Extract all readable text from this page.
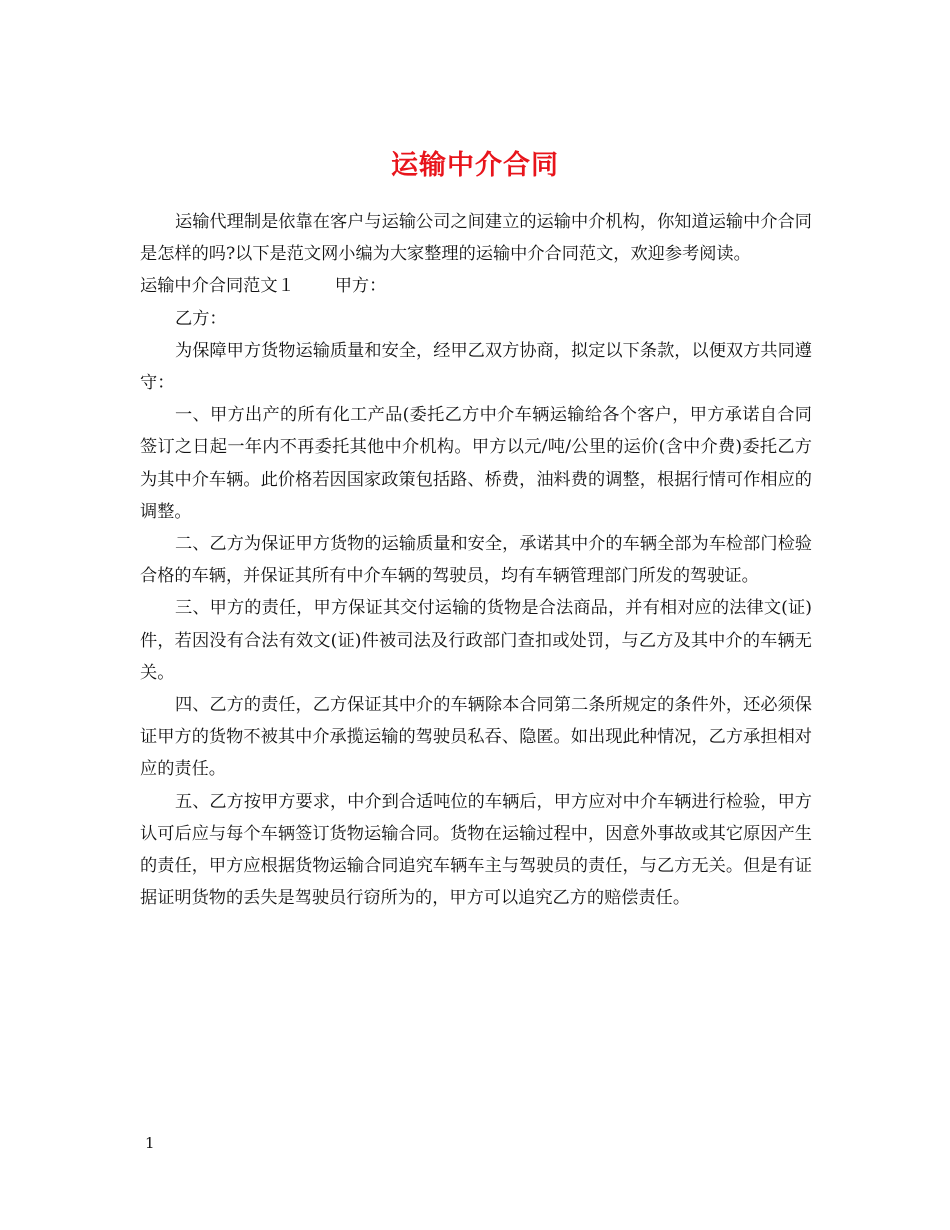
运输中介合同

运输代理制是依靠在客户与运输公司之间建立的运输中介机构，你知道运输中介合同是怎样的吗?以下是范文网小编为大家整理的运输中介合同范文，欢迎参考阅读。

运输中介合同范文１ 甲方：

乙方：

为保障甲方货物运输质量和安全，经甲乙双方协商，拟定以下条款，以便双方共同遵守：

一、甲方出产的所有化工产品(委托乙方中介车辆运输给各个客户，甲方承诺自合同签订之日起一年内不再委托其他中介机构。甲方以元/吨/公里的运价(含中介费)委托乙方为其中介车辆。此价格若因国家政策包括路、桥费，油料费的调整，根据行情可作相应的调整。

二、乙方为保证甲方货物的运输质量和安全，承诺其中介的车辆全部为车检部门检验合格的车辆，并保证其所有中介车辆的驾驶员，均有车辆管理部门所发的驾驶证。

三、甲方的责任，甲方保证其交付运输的货物是合法商品，并有相对应的法律文(证)件，若因没有合法有效文(证)件被司法及行政部门查扣或处罚，与乙方及其中介的车辆无关。

四、乙方的责任，乙方保证其中介的车辆除本合同第二条所规定的条件外，还必须保证甲方的货物不被其中介承揽运输的驾驶员私吞、隐匿。如出现此种情况，乙方承担相对应的责任。

五、乙方按甲方要求，中介到合适吨位的车辆后，甲方应对中介车辆进行检验，甲方认可后应与每个车辆签订货物运输合同。货物在运输过程中，因意外事故或其它原因产生的责任，甲方应根据货物运输合同追究车辆车主与驾驶员的责任，与乙方无关。但是有证据证明货物的丢失是驾驶员行窃所为的，甲方可以追究乙方的赔偿责任。

1
